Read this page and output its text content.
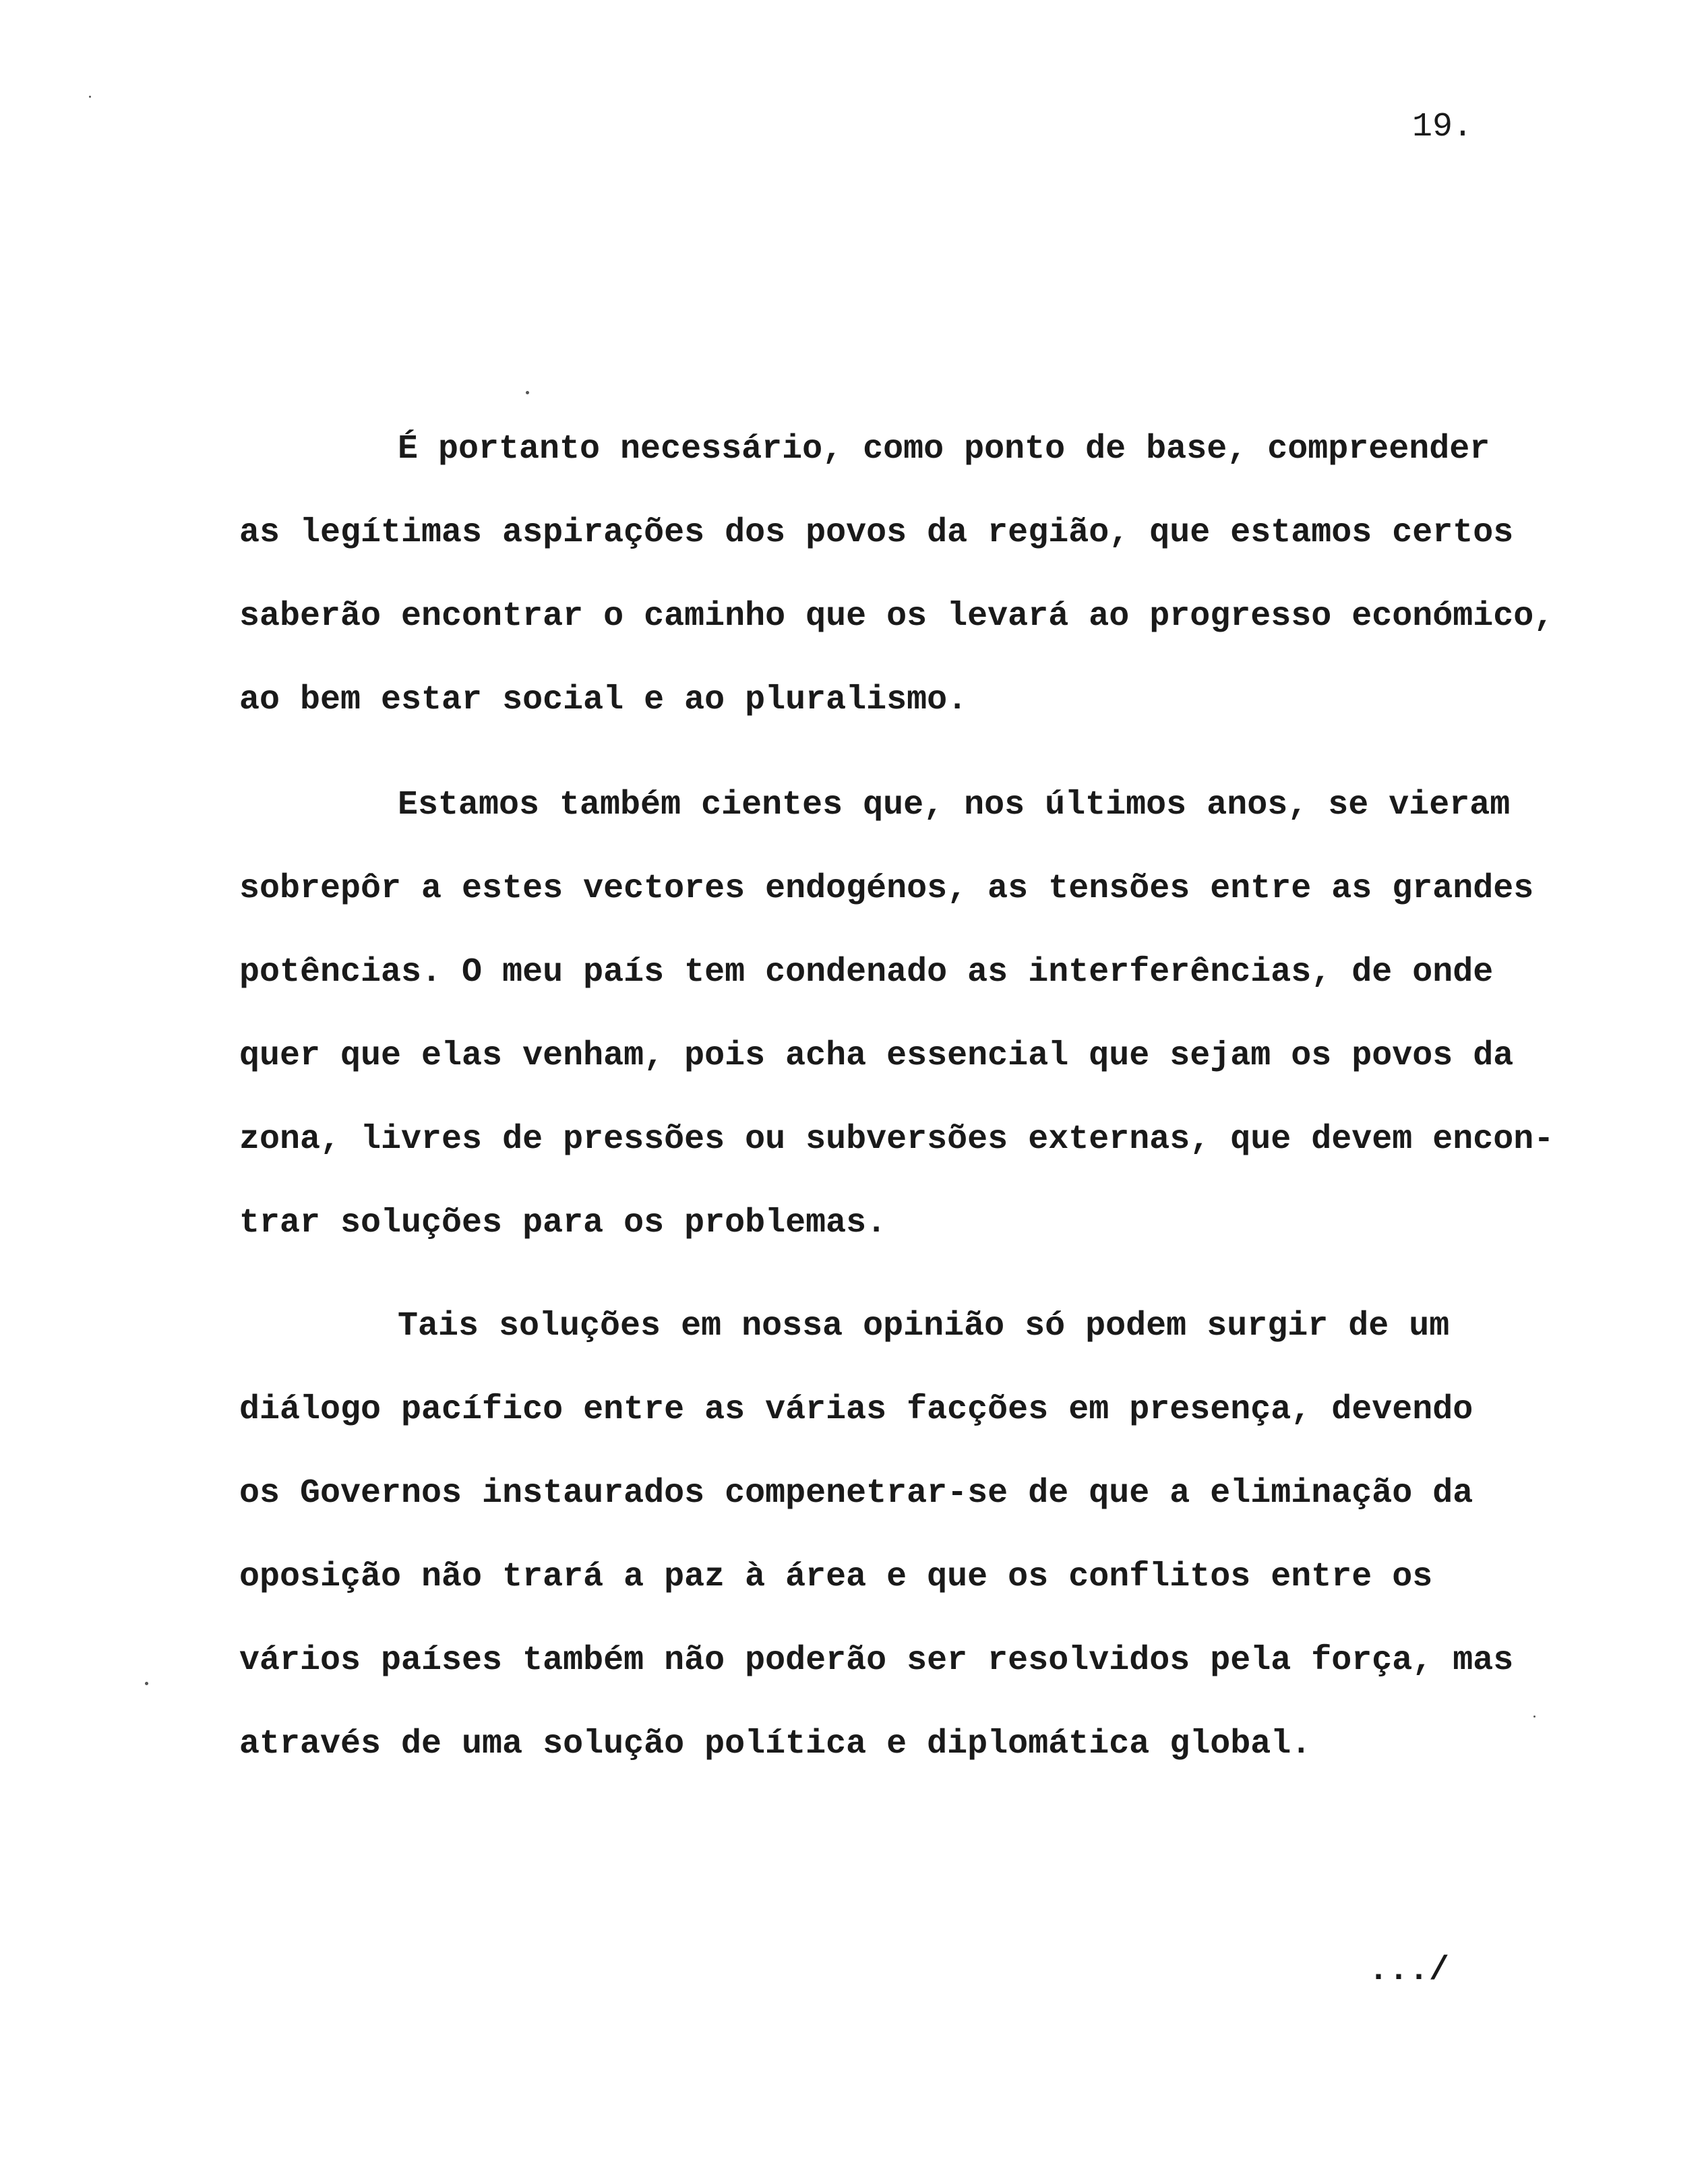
19.
É portanto necessário, como ponto de base, compreender
as legítimas aspirações dos povos da região, que estamos certos
saberão encontrar o caminho que os levará ao progresso económico,
ao bem estar social e ao pluralismo.
Estamos também cientes que, nos últimos anos, se vieram
sobrepôr a estes vectores endogénos, as tensões entre as grandes
potências. O meu país tem condenado as interferências, de onde
quer que elas venham, pois acha essencial que sejam os povos da
zona, livres de pressões ou subversões externas, que devem encon-
trar soluções para os problemas.
Tais soluções em nossa opinião só podem surgir de um
diálogo pacífico entre as várias facções em presença, devendo
os Governos instaurados compenetrar-se de que a eliminação da
oposição não trará a paz à área e que os conflitos entre os
vários países também não poderão ser resolvidos pela força, mas
através de uma solução política e diplomática global.
.../
